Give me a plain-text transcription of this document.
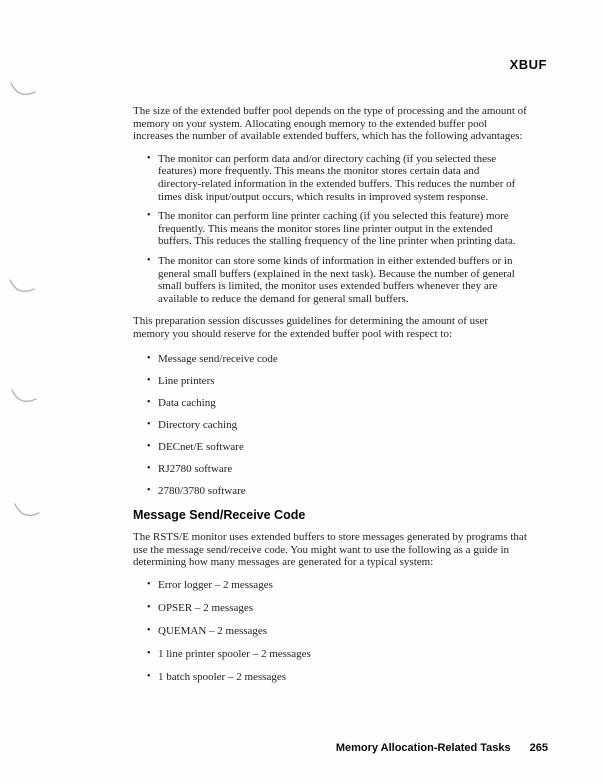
XBUF

The size of the extended buffer pool depends on the type of processing and the amount of memory on your system. Allocating enough memory to the extended buffer pool increases the number of available extended buffers, which has the following advantages:

• The monitor can perform data and/or directory caching (if you selected these features) more frequently. This means the monitor stores certain data and directory-related information in the extended buffers. This reduces the number of times disk input/output occurs, which results in improved system response.
• The monitor can perform line printer caching (if you selected this feature) more frequently. This means the monitor stores line printer output in the extended buffers. This reduces the stalling frequency of the line printer when printing data.
• The monitor can store some kinds of information in either extended buffers or in general small buffers (explained in the next task). Because the number of general small buffers is limited, the monitor uses extended buffers whenever they are available to reduce the demand for general small buffers.

This preparation session discusses guidelines for determining the amount of user memory you should reserve for the extended buffer pool with respect to:

• Message send/receive code
• Line printers
• Data caching
• Directory caching
• DECnet/E software
• RJ2780 software
• 2780/3780 software
Message Send/Receive Code

The RSTS/E monitor uses extended buffers to store messages generated by programs that use the message send/receive code. You might want to use the following as a guide in determining how many messages are generated for a typical system:

• Error logger – 2 messages
• OPSER – 2 messages
• QUEMAN – 2 messages
• 1 line printer spooler – 2 messages
• 1 batch spooler – 2 messages
Memory Allocation-Related Tasks 265
